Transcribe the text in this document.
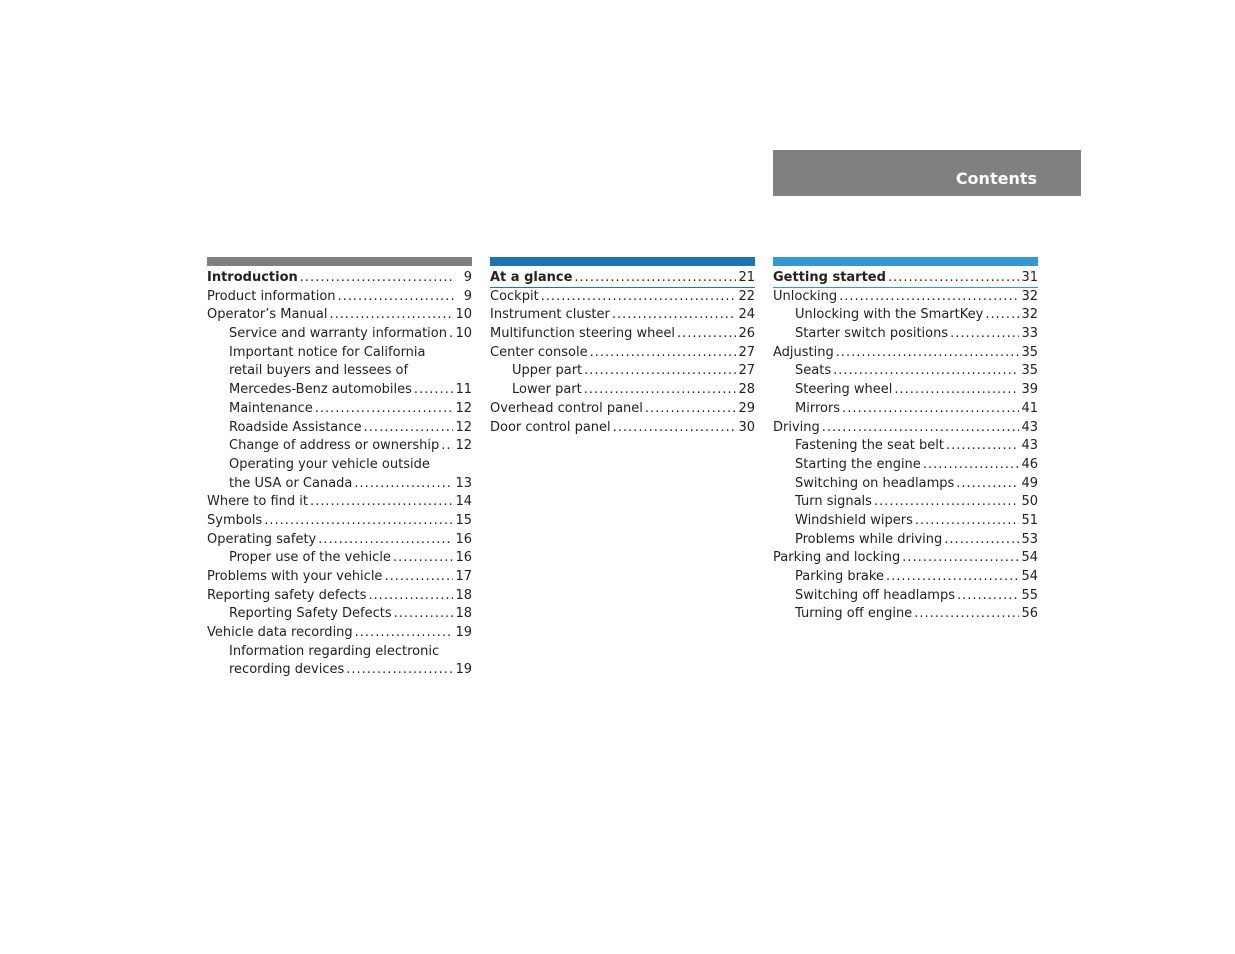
Contents
Introduction .....	9
Product information .....	9
Operator’s Manual .....	10
Service and warranty information ..... 10
Important notice for California
retail buyers and lessees of
Mercedes-Benz automobiles .....	11
Maintenance .....	12
Roadside Assistance .....	12
Change of address or ownership ..... 12
Operating your vehicle outside
the USA or Canada .....	13
Where to find it .....	14
Symbols .....	15
Operating safety .....	16
Proper use of the vehicle .....	16
Problems with your vehicle .....	17
Reporting safety defects .....	18
Reporting Safety Defects .....	18
Vehicle data recording .....	19
Information regarding electronic
recording devices .....	19
At a glance .....	21
Cockpit .....	22
Instrument cluster .....	24
Multifunction steering wheel .....	26
Center console .....	27
Upper part .....	27
Lower part .....	28
Overhead control panel .....	29
Door control panel .....	30
Getting started .....	31
Unlocking .....	32
Unlocking with the SmartKey .....	32
Starter switch positions .....	33
Adjusting .....	35
Seats .....	35
Steering wheel .....	39
Mirrors .....	41
Driving .....	43
Fastening the seat belt .....	43
Starting the engine .....	46
Switching on headlamps .....	49
Turn signals .....	50
Windshield wipers .....	51
Problems while driving .....	53
Parking and locking .....	54
Parking brake .....	54
Switching off headlamps .....	55
Turning off engine .....	56
